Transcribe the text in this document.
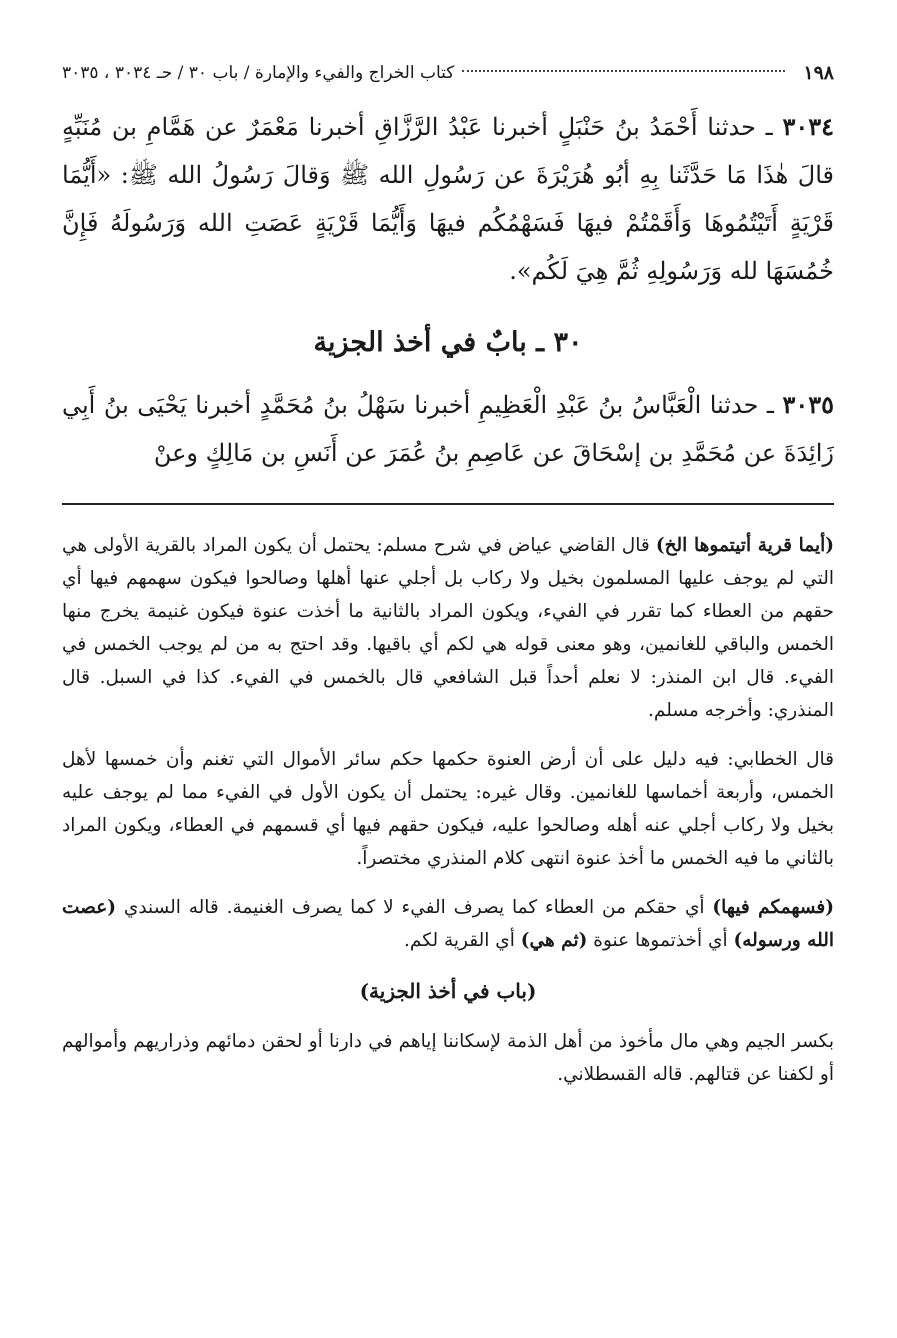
١٩٨
كتاب الخراج والفيء والإمارة / باب ٣٠ / حـ ٣٠٣٤ ، ٣٠٣٥

٣٠٣٤ ـ حدثنا أَحْمَدُ بنُ حَنْبَلٍ أخبرنا عَبْدُ الرَّزَّاقِ أخبرنا مَعْمَرٌ عن هَمَّامِ بن مُنَبِّهٍ قالَ هٰذَا مَا حَدَّثَنا بِهِ أبُو هُرَيْرَةَ عن رَسُولِ الله ﷺ وَقالَ رَسُولُ الله ﷺ: «أَيُّمَا قَرْيَةٍ أَتَيْتُمُوهَا وَأَقَمْتُمْ فيهَا فَسَهْمُكُم فيهَا وَأَيُّمَا قَرْيَةٍ عَصَتِ الله وَرَسُولَهُ فَإِنَّ خُمُسَهَا لله وَرَسُولِهِ ثُمَّ هِيَ لَكُم».

٣٠ ـ بابٌ في أخذ الجزية

٣٠٣٥ ـ حدثنا الْعَبَّاسُ بنُ عَبْدِ الْعَظِيمِ أخبرنا سَهْلُ بنُ مُحَمَّدٍ أخبرنا يَحْيَى بنُ أَبِي زَائِدَةَ عن مُحَمَّدِ بن إسْحَاقَ عن عَاصِمِ بنُ عُمَرَ عن أَنَسِ بن مَالِكٍ وعنْ

(أيما قرية أتيتموها الخ) قال القاضي عياض في شرح مسلم: يحتمل أن يكون المراد بالقرية الأولى هي التي لم يوجف عليها المسلمون بخيل ولا ركاب بل أجلي عنها أهلها وصالحوا فيكون سهمهم فيها أي حقهم من العطاء كما تقرر في الفيء، ويكون المراد بالثانية ما أخذت عنوة فيكون غنيمة يخرج منها الخمس والباقي للغانمين، وهو معنى قوله هي لكم أي باقيها. وقد احتج به من لم يوجب الخمس في الفيء. قال ابن المنذر: لا نعلم أحداً قبل الشافعي قال بالخمس في الفيء. كذا في السبل. قال المنذري: وأخرجه مسلم.

قال الخطابي: فيه دليل على أن أرض العنوة حكمها حكم سائر الأموال التي تغنم وأن خمسها لأهل الخمس، وأربعة أخماسها للغانمين. وقال غيره: يحتمل أن يكون الأول في الفيء مما لم يوجف عليه بخيل ولا ركاب أجلي عنه أهله وصالحوا عليه، فيكون حقهم فيها أي قسمهم في العطاء، ويكون المراد بالثاني ما فيه الخمس ما أخذ عنوة انتهى كلام المنذري مختصراً.

(فسهمكم فيها) أي حقكم من العطاء كما يصرف الفيء لا كما يصرف الغنيمة. قاله السندي (عصت الله ورسوله) أي أخذتموها عنوة (ثم هي) أي القرية لكم.

(باب في أخذ الجزية)

بكسر الجيم وهي مال مأخوذ من أهل الذمة لإسكاننا إياهم في دارنا أو لحقن دمائهم وذراريهم وأموالهم أو لكفنا عن قتالهم. قاله القسطلاني.
